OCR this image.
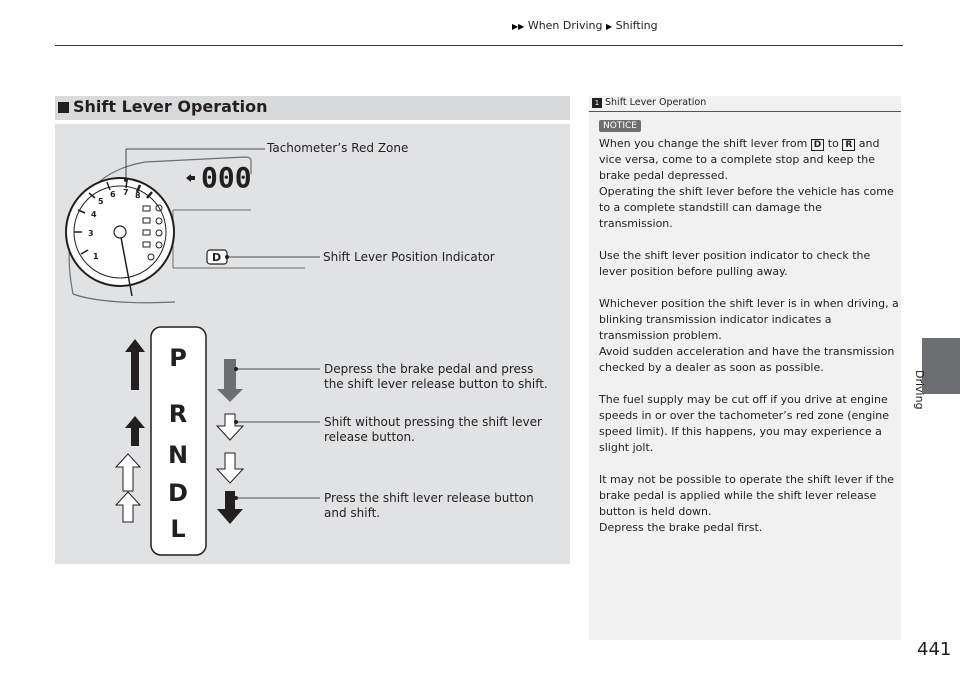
▶▶ When Driving ▶ Shifting
Driving
441
Shift Lever Operation
1
3
4
5
6 7 8
000
D
P
R
N
D
L
Tachometer’s Red Zone
Shift Lever Position Indicator
Depress the brake pedal and press
the shift lever release button to shift.
Shift without pressing the shift lever
release button.
Press the shift lever release button
and shift.
1 Shift Lever Operation
NOTICE

When you change the shift lever from D to R and vice versa, come to a complete stop and keep the brake pedal depressed.

Operating the shift lever before the vehicle has come to a complete standstill can damage the transmission.

Use the shift lever position indicator to check the lever position before pulling away.

Whichever position the shift lever is in when driving, a blinking transmission indicator indicates a transmission problem.

Avoid sudden acceleration and have the transmission checked by a dealer as soon as possible.

The fuel supply may be cut off if you drive at engine speeds in or over the tachometer’s red zone (engine speed limit). If this happens, you may experience a slight jolt.

It may not be possible to operate the shift lever if the brake pedal is applied while the shift lever release button is held down.

Depress the brake pedal first.
